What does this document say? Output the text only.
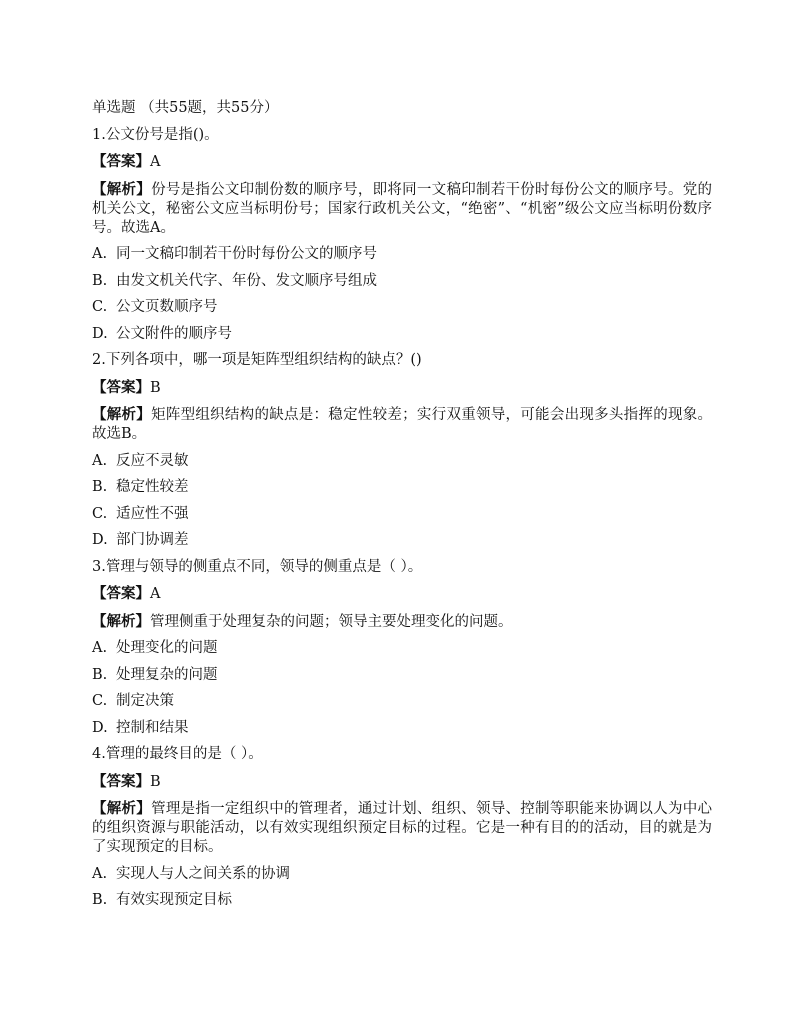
单选题 （共55题，共55分）
1.公文份号是指()。
【答案】A
【解析】份号是指公文印制份数的顺序号，即将同一文稿印制若干份时每份公文的顺序号。党的机关公文，秘密公文应当标明份号；国家行政机关公文，“绝密”、“机密”级公文应当标明份数序号。故选A。
A. 同一文稿印制若干份时每份公文的顺序号
B. 由发文机关代字、年份、发文顺序号组成
C. 公文页数顺序号
D. 公文附件的顺序号
2.下列各项中，哪一项是矩阵型组织结构的缺点？()
【答案】B
【解析】矩阵型组织结构的缺点是：稳定性较差；实行双重领导，可能会出现多头指挥的现象。故选B。
A. 反应不灵敏
B. 稳定性较差
C. 适应性不强
D. 部门协调差
3.管理与领导的侧重点不同，领导的侧重点是（ ）。
【答案】A
【解析】管理侧重于处理复杂的问题；领导主要处理变化的问题。
A. 处理变化的问题
B. 处理复杂的问题
C. 制定决策
D. 控制和结果
4.管理的最终目的是（ ）。
【答案】B
【解析】管理是指一定组织中的管理者，通过计划、组织、领导、控制等职能来协调以人为中心的组织资源与职能活动，以有效实现组织预定目标的过程。它是一种有目的的活动，目的就是为了实现预定的目标。
A. 实现人与人之间关系的协调
B. 有效实现预定目标
